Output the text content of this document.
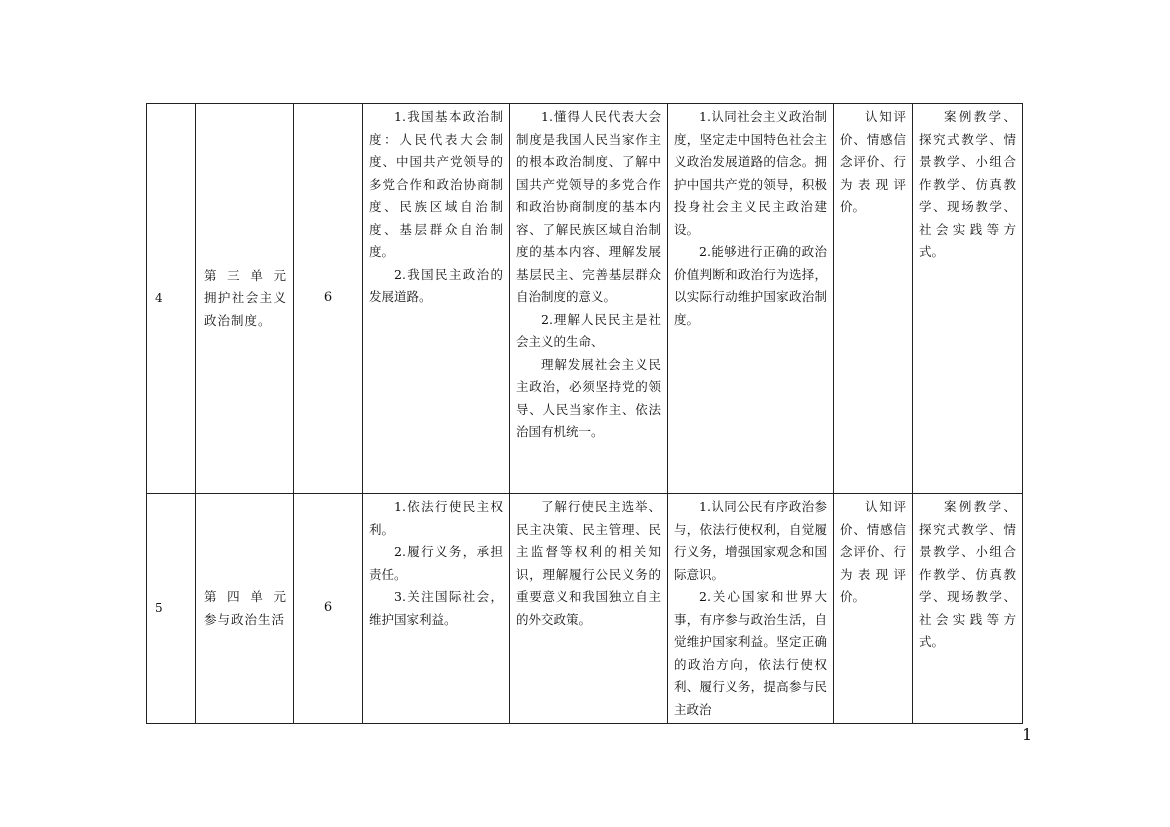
4	第 三 单 元 拥护社会主义政治制度。	6	1.我国基本政治制度：人民代表大会制度、中国共产党领导的多党合作和政治协商制度、民族区域自治制度、基层群众自治制度。
2.我国民主政治的发展道路。	1.懂得人民代表大会制度是我国人民当家作主的根本政治制度、了解中国共产党领导的多党合作和政治协商制度的基本内容、了解民族区域自治制度的基本内容、理解发展基层民主、完善基层群众自治制度的意义。
2.理解人民民主是社会主义的生命、
理解发展社会主义民主政治，必须坚持党的领导、人民当家作主、依法治国有机统一。	1.认同社会主义政治制度，坚定走中国特色社会主义政治发展道路的信念。拥护中国共产党的领导，积极投身社会主义民主政治建设。
2.能够进行正确的政治价值判断和政治行为选择，以实际行动维护国家政治制度。	认知评价、情感信念评价、行为表现评价。	案例教学、探究式教学、情景教学、小组合作教学、仿真教学、现场教学、社会实践等方式。

5	第 四 单 元 参与政治生活	6	1.依法行使民主权利。
2.履行义务，承担责任。
3.关注国际社会，维护国家利益。	了解行使民主选举、民主决策、民主管理、民主监督等权利的相关知识，理解履行公民义务的重要意义和我国独立自主的外交政策。	1.认同公民有序政治参与，依法行使权利，自觉履行义务，增强国家观念和国际意识。
2.关心国家和世界大事，有序参与政治生活，自觉维护国家利益。坚定正确的政治方向，依法行使权利、履行义务，提高参与民主政治	认知评价、情感信念评价、行为表现评价。	案例教学、探究式教学、情景教学、小组合作教学、仿真教学、现场教学、社会实践等方式。
1
